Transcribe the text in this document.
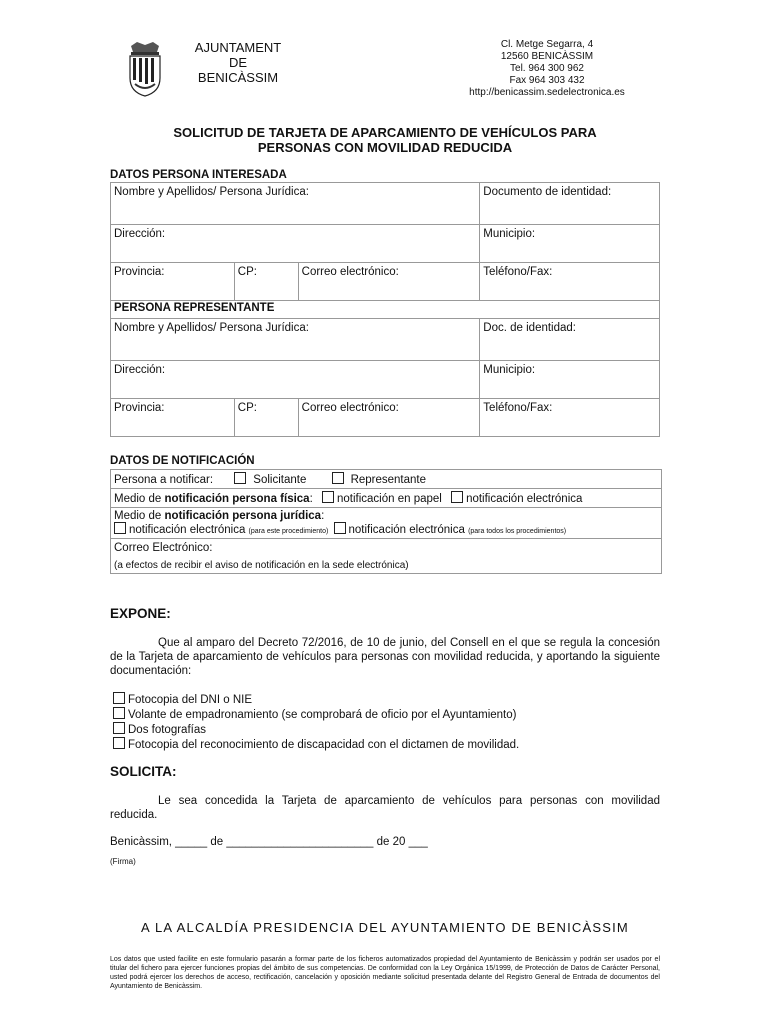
AJUNTAMENT
DE
BENICÀSSIM
Cl. Metge Segarra, 4
12560 BENICÀSSIM
Tel. 964 300 962
Fax 964 303 432
http://benicassim.sedelectronica.es
SOLICITUD DE TARJETA DE APARCAMIENTO DE VEHÍCULOS PARA
PERSONAS CON MOVILIDAD REDUCIDA
DATOS PERSONA INTERESADA
Nombre y Apellidos/ Persona Jurídica:			Documento de identidad:
Dirección:			Municipio:
Provincia:	CP:	Correo electrónico:	Teléfono/Fax:
PERSONA REPRESENTANTE			
Nombre y Apellidos/ Persona Jurídica:			Doc. de identidad:
Dirección:			Municipio:
Provincia:	CP:	Correo electrónico:	Teléfono/Fax:
DATOS DE NOTIFICACIÓN
Persona a notificar:	Solicitante	Representante
Medio de notificación persona física: notificación en papel notificación electrónica
Medio de notificación persona jurídica:
notificación electrónica (para este procedimiento) notificación electrónica (para todos los procedimientos)
Correo Electrónico:
(a efectos de recibir el aviso de notificación en la sede electrónica)
EXPONE:
Que al amparo del Decreto 72/2016, de 10 de junio, del Consell en el que se regula la concesión de la Tarjeta de aparcamiento de vehículos para personas con movilidad reducida, y aportando la siguiente documentación:
Fotocopia del DNI o NIE
Volante de empadronamiento (se comprobará de oficio por el Ayuntamiento)
Dos fotografías
Fotocopia del reconocimiento de discapacidad con el dictamen de movilidad.
SOLICITA:
Le sea concedida la Tarjeta de aparcamiento de vehículos para personas con movilidad reducida.
Benicàssim, _____ de _______________________ de 20 ___
(Firma)
A LA ALCALDÍA PRESIDENCIA DEL AYUNTAMIENTO DE BENICÀSSIM
Los datos que usted facilite en este formulario pasarán a formar parte de los ficheros automatizados propiedad del Ayuntamiento de Benicàssim y podrán ser usados por el titular del fichero para ejercer funciones propias del ámbito de sus competencias. De conformidad con la Ley Orgánica 15/1999, de Protección de Datos de Carácter Personal, usted podrá ejercer los derechos de acceso, rectificación, cancelación y oposición mediante solicitud presentada delante del Registro General de Entrada de documentos del Ayuntamiento de Benicàssim.
